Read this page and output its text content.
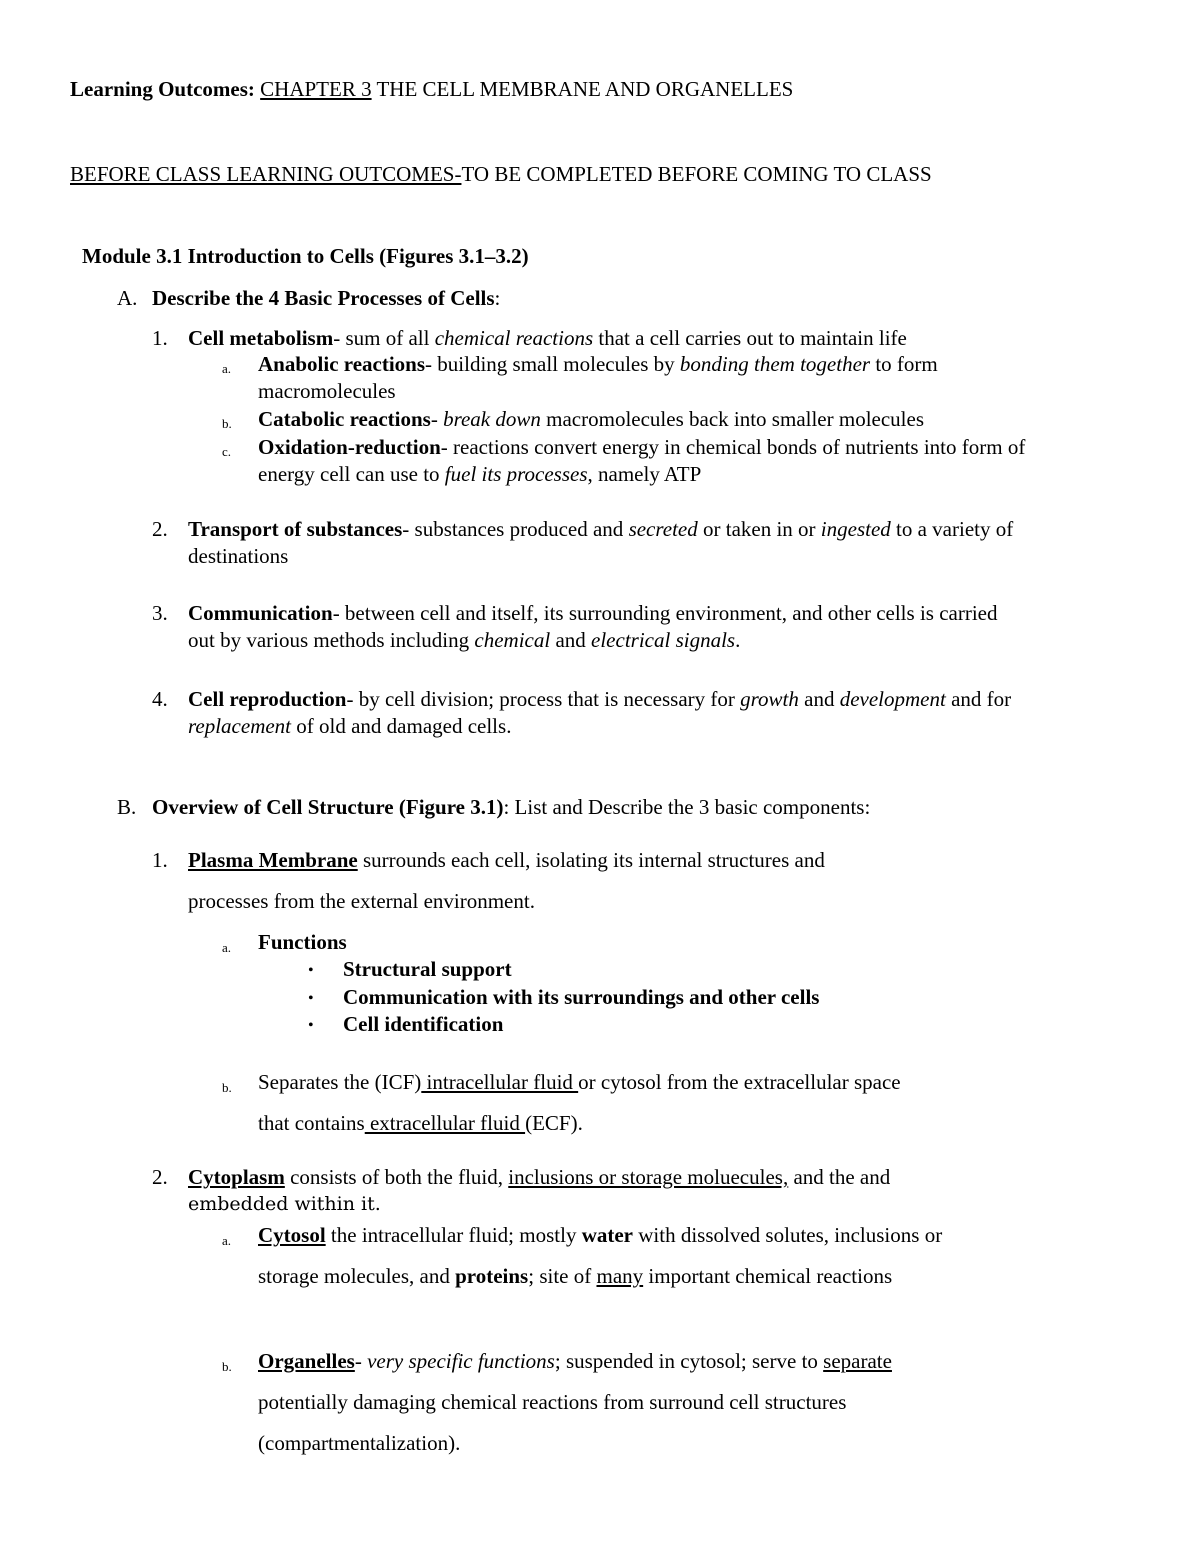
Learning Outcomes: CHAPTER 3 THE CELL MEMBRANE AND ORGANELLES
BEFORE CLASS LEARNING OUTCOMES-TO BE COMPLETED BEFORE COMING TO CLASS
Module 3.1 Introduction to Cells (Figures 3.1–3.2)
A. Describe the 4 Basic Processes of Cells:
1. Cell metabolism- sum of all chemical reactions that a cell carries out to maintain life
a. Anabolic reactions- building small molecules by bonding them together to form
macromolecules
b. Catabolic reactions- break down macromolecules back into smaller molecules
c. Oxidation-reduction- reactions convert energy in chemical bonds of nutrients into form of
energy cell can use to fuel its processes, namely ATP
2. Transport of substances- substances produced and secreted or taken in or ingested to a variety of
destinations
3. Communication- between cell and itself, its surrounding environment, and other cells is carried
out by various methods including chemical and electrical signals.
4. Cell reproduction- by cell division; process that is necessary for growth and development and for
replacement of old and damaged cells.
B. Overview of Cell Structure (Figure 3.1): List and Describe the 3 basic components:
1. Plasma Membrane surrounds each cell, isolating its internal structures and
processes from the external environment.
a. Functions
• Structural support
• Communication with its surroundings and other cells
• Cell identification
b. Separates the (ICF) intracellular fluid or cytosol from the extracellular space
that contains extracellular fluid (ECF).
2. Cytoplasm consists of both the fluid, inclusions or storage moluecules, and the and
embedded within it.
a. Cytosol the intracellular fluid; mostly water with dissolved solutes, inclusions or
storage molecules, and proteins; site of many important chemical reactions
b. Organelles- very specific functions; suspended in cytosol; serve to separate
potentially damaging chemical reactions from surround cell structures
(compartmentalization).
